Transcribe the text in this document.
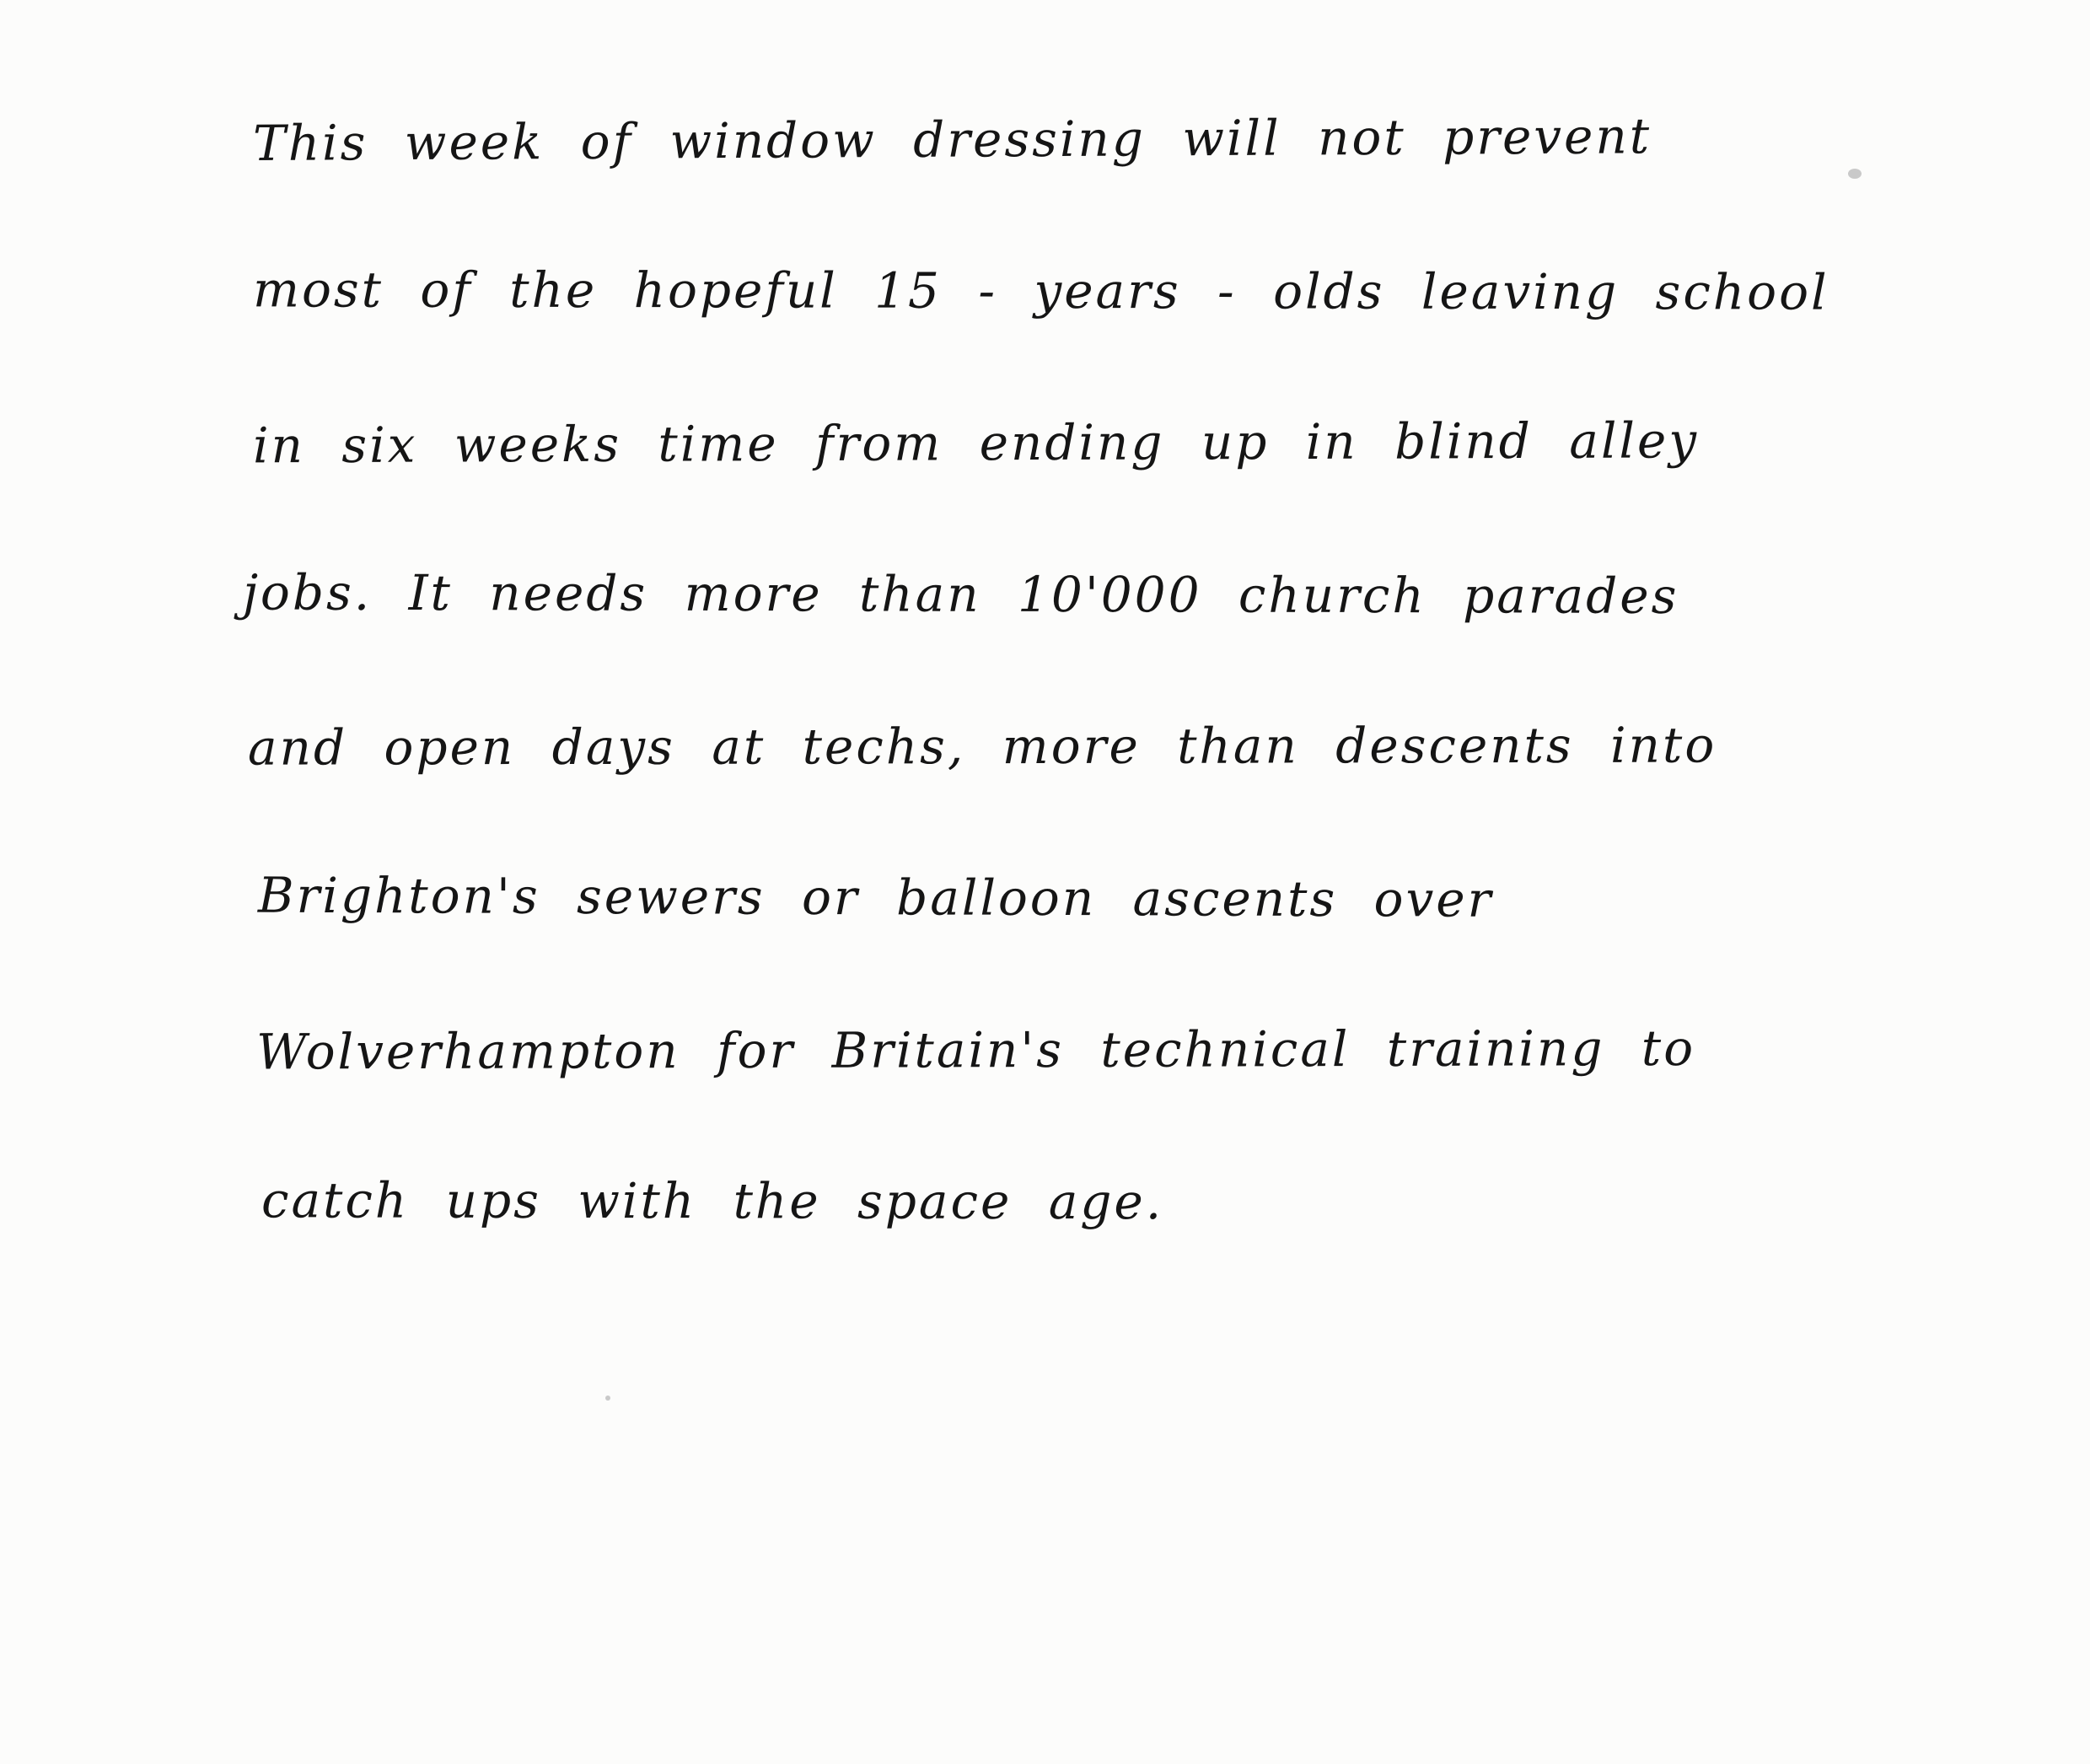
This week of window dressing will not prevent
most of the hopeful 15 - years - olds leaving school
in six weeks time from ending up in blind alley
jobs. It needs more than 10'000 church parades
and open days at techs, more than descents into
Brighton's sewers or balloon ascents over
Wolverhampton for Britain's technical training to
catch ups with the space age.
